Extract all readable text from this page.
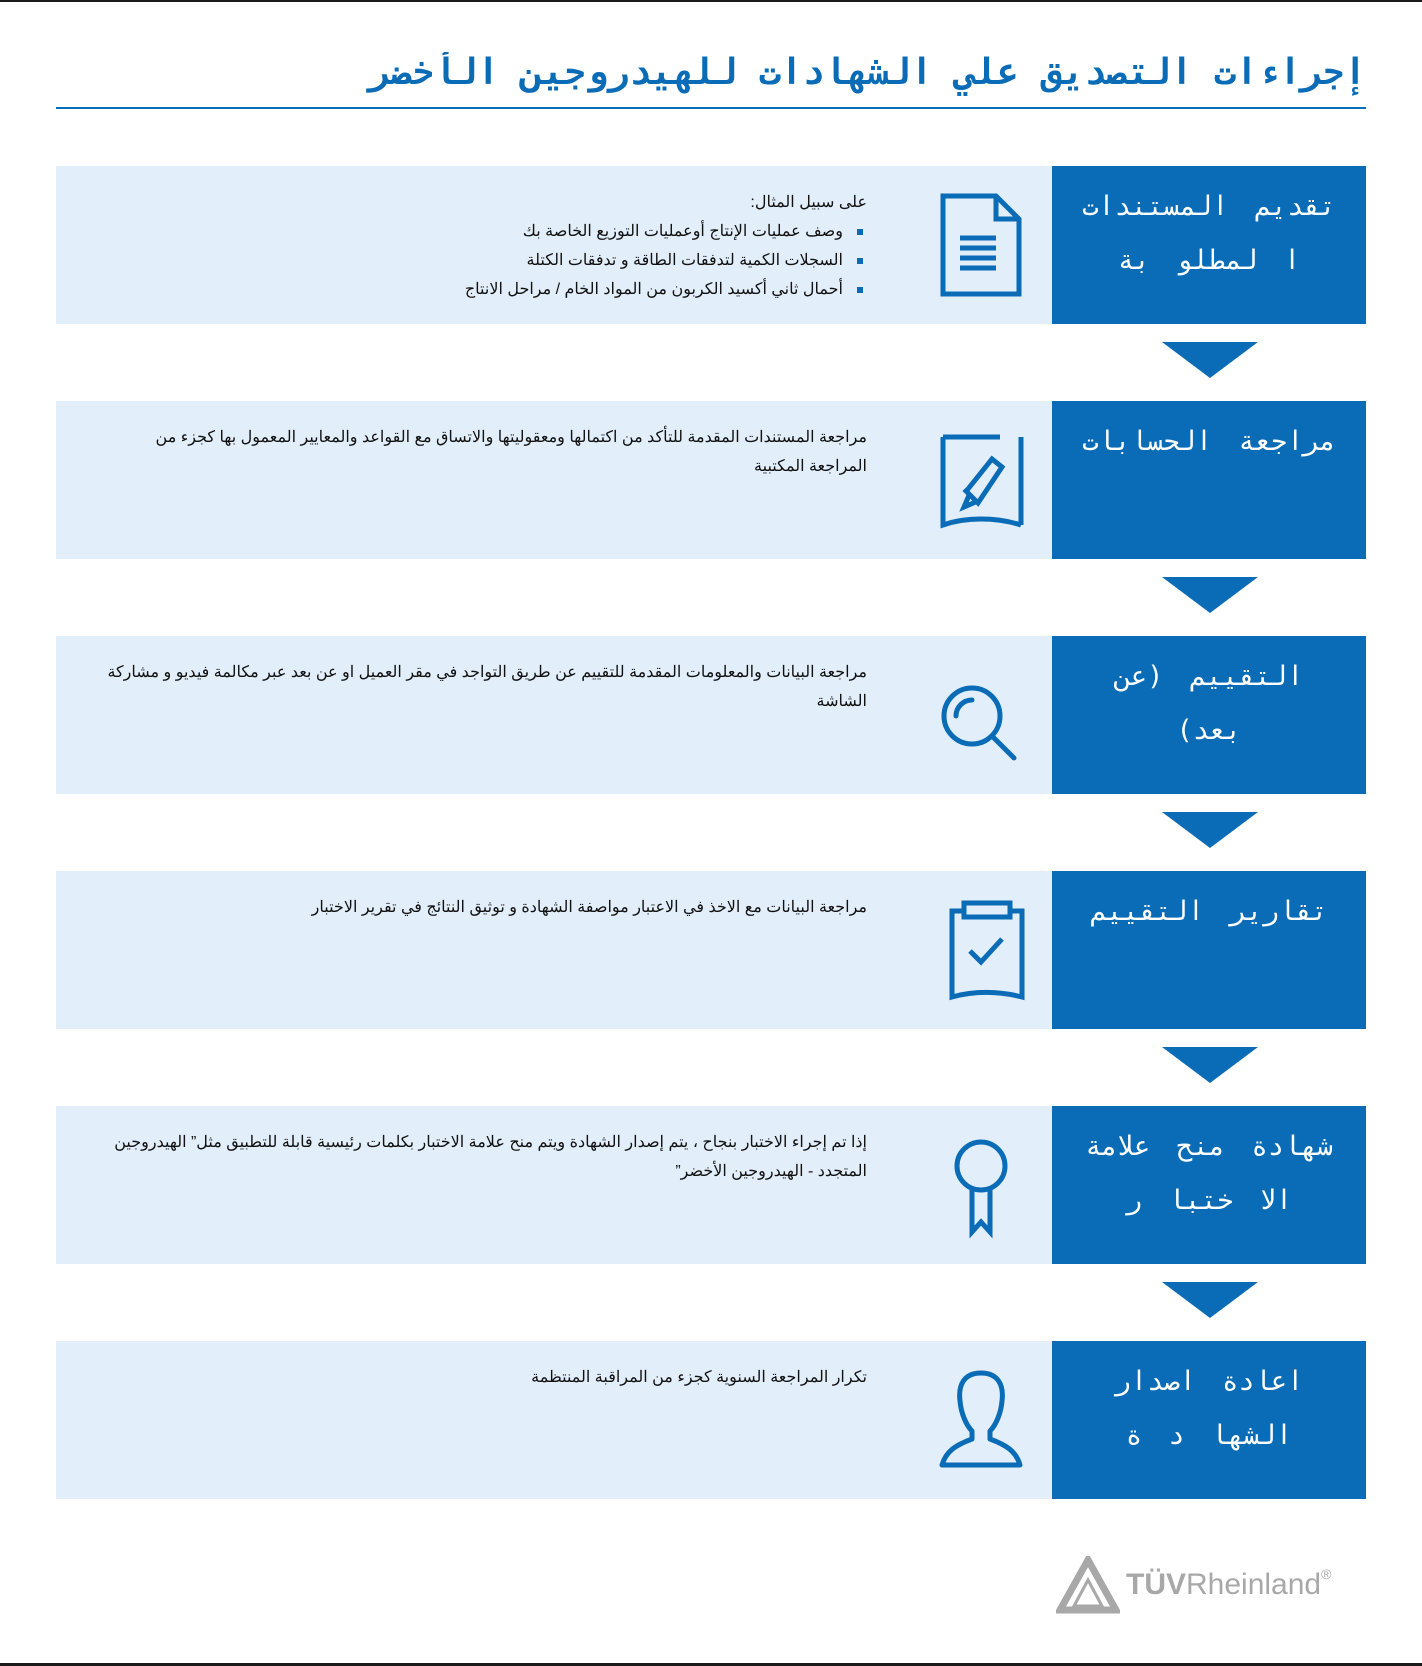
إجراءات التصديق علي الشهادات للهيدروجين الأخضر
على سبيل المثال:
وصف عمليات الإنتاج أوعمليات التوزيع الخاصة بك
السجلات الكمية لتدفقات الطاقة و تدفقات الكتلة
أحمال ثاني أكسيد الكربون من المواد الخام / مراحل الانتاج
تقديم المستندات ا لمطلو بة
مراجعة المستندات المقدمة للتأكد من اكتمالها ومعقوليتها والاتساق مع القواعد والمعايير المعمول بها كجزء من المراجعة المكتبية
مراجعة الحسابات
مراجعة البيانات والمعلومات المقدمة للتقييم عن طريق التواجد في مقر العميل او عن بعد عبر مكالمة فيديو و مشاركة الشاشة
التقييم (عن بعد)
مراجعة البيانات مع الاخذ في الاعتبار مواصفة الشهادة و توثيق النتائج في تقرير الاختبار	تقارير التقييم
إذا تم إجراء الاختبار بنجاح ، يتم إصدار الشهادة ويتم منح علامة الاختبار بكلمات رئيسية قابلة للتطبيق مثل” الهيدروجين المتجدد - الهيدروجين الأخضر”
شهادة منح علامة الا ختبا ر
تكرار المراجعة السنوية كجزء من المراقبة المنتظمة	اعادة اصدار الشها د ة
TÜVRheinland®
